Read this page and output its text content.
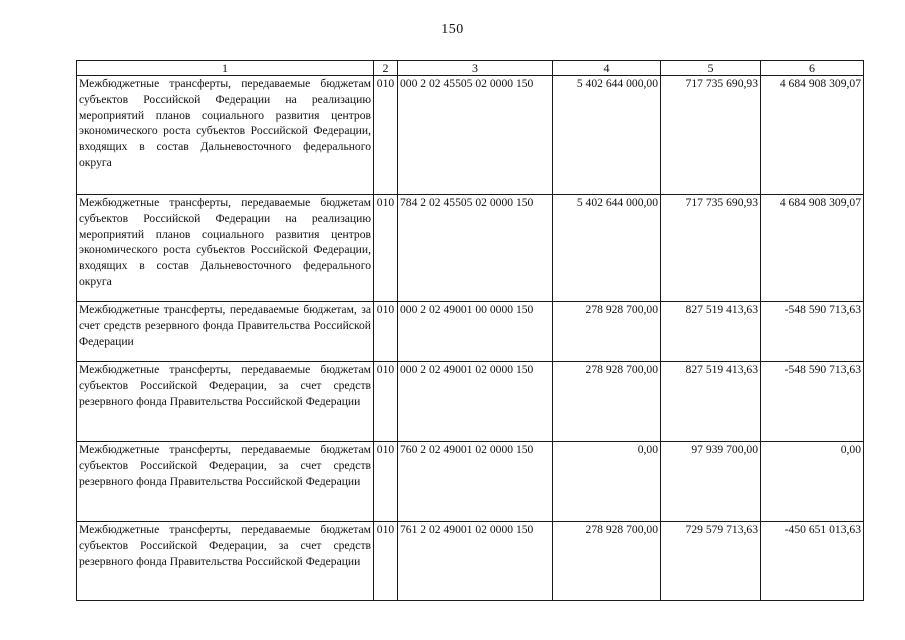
150
1	2	3	4	5	6
Межбюджетные трансферты, передаваемые бюджетам субъектов Российской Федерации на реализацию мероприятий планов социального развития центров экономического роста субъектов Российской Федерации, входящих в состав Дальневосточного федерального округа	010	000 2 02 45505 02 0000 150	5 402 644 000,00	717 735 690,93	4 684 908 309,07
Межбюджетные трансферты, передаваемые бюджетам субъектов Российской Федерации на реализацию мероприятий планов социального развития центров экономического роста субъектов Российской Федерации, входящих в состав Дальневосточного федерального округа	010	784 2 02 45505 02 0000 150	5 402 644 000,00	717 735 690,93	4 684 908 309,07
Межбюджетные трансферты, передаваемые бюджетам, за счет средств резервного фонда Правительства Российской Федерации	010	000 2 02 49001 00 0000 150	278 928 700,00	827 519 413,63	-548 590 713,63
Межбюджетные трансферты, передаваемые бюджетам субъектов Российской Федерации, за счет средств резервного фонда Правительства Российской Федерации	010	000 2 02 49001 02 0000 150	278 928 700,00	827 519 413,63	-548 590 713,63
Межбюджетные трансферты, передаваемые бюджетам субъектов Российской Федерации, за счет средств резервного фонда Правительства Российской Федерации	010	760 2 02 49001 02 0000 150	0,00	97 939 700,00	0,00
Межбюджетные трансферты, передаваемые бюджетам субъектов Российской Федерации, за счет средств резервного фонда Правительства Российской Федерации	010	761 2 02 49001 02 0000 150	278 928 700,00	729 579 713,63	-450 651 013,63
